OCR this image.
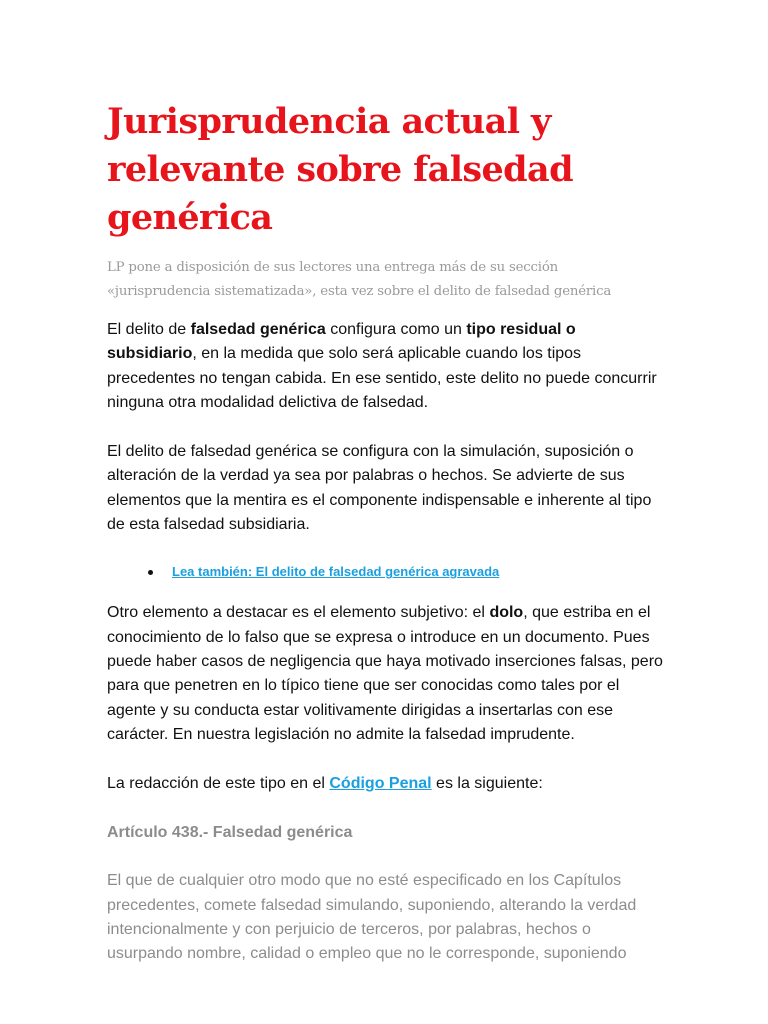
Jurisprudencia actual y relevante sobre falsedad genérica

LP pone a disposición de sus lectores una entrega más de su sección «jurisprudencia sistematizada», esta vez sobre el delito de falsedad genérica

El delito de falsedad genérica configura como un tipo residual o subsidiario, en la medida que solo será aplicable cuando los tipos precedentes no tengan cabida. En ese sentido, este delito no puede concurrir ninguna otra modalidad delictiva de falsedad.

El delito de falsedad genérica se configura con la simulación, suposición o alteración de la verdad ya sea por palabras o hechos. Se advierte de sus elementos que la mentira es el componente indispensable e inherente al tipo de esta falsedad subsidiaria.

Lea también: El delito de falsedad genérica agravada

Otro elemento a destacar es el elemento subjetivo: el dolo, que estriba en el conocimiento de lo falso que se expresa o introduce en un documento. Pues puede haber casos de negligencia que haya motivado inserciones falsas, pero para que penetren en lo típico tiene que ser conocidas como tales por el agente y su conducta estar volitivamente dirigidas a insertarlas con ese carácter. En nuestra legislación no admite la falsedad imprudente.

La redacción de este tipo en el Código Penal es la siguiente:

Artículo 438.- Falsedad genérica

El que de cualquier otro modo que no esté especificado en los Capítulos precedentes, comete falsedad simulando, suponiendo, alterando la verdad intencionalmente y con perjuicio de terceros, por palabras, hechos o usurpando nombre, calidad o empleo que no le corresponde, suponiendo
